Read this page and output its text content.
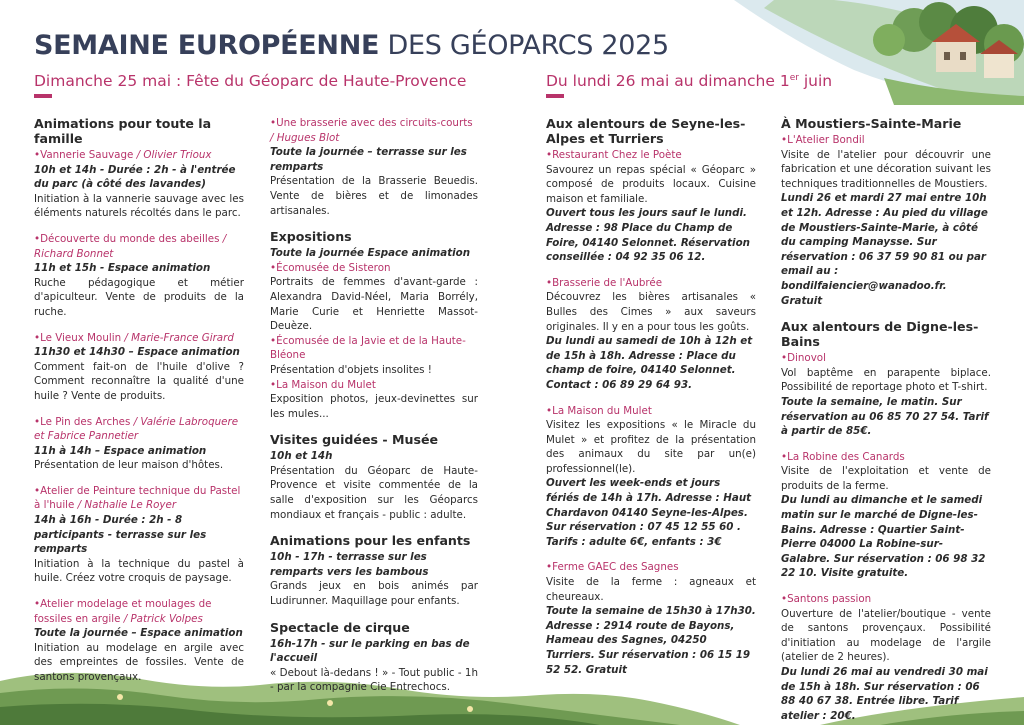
SEMAINE EUROPÉENNE DES GÉOPARCS 2025
Dimanche 25 mai : Fête du Géoparc de Haute-Provence	Du lundi 26 mai au dimanche 1er juin
Animations pour toute la famille
•Vannerie Sauvage / Olivier Trioux
10h et 14h - Durée : 2h - à l'entrée du parc (à côté des lavandes)
Initiation à la vannerie sauvage avec les éléments naturels récoltés dans le parc.
•Découverte du monde des abeilles / Richard Bonnet
11h et 15h - Espace animation
Ruche pédagogique et métier d'apiculteur. Vente de produits de la ruche.
•Le Vieux Moulin / Marie-France Girard
11h30 et 14h30 – Espace animation
Comment fait-on de l'huile d'olive ? Comment reconnaître la qualité d'une huile ? Vente de produits.
•Le Pin des Arches / Valérie Labroquere et Fabrice Pannetier
11h à 14h – Espace animation
Présentation de leur maison d'hôtes.
•Atelier de Peinture technique du Pastel à l'huile / Nathalie Le Royer
14h à 16h - Durée : 2h - 8 participants - terrasse sur les remparts
Initiation à la technique du pastel à huile. Créez votre croquis de paysage.
•Atelier modelage et moulages de fossiles en argile / Patrick Volpes
Toute la journée – Espace animation
Initiation au modelage en argile avec des empreintes de fossiles. Vente de santons provençaux.
•Une brasserie avec des circuits-courts / Hugues Blot
Toute la journée – terrasse sur les remparts
Présentation de la Brasserie Beuedis. Vente de bières et de limonades artisanales.
Expositions
Toute la journée Espace animation
•Écomusée de Sisteron
Portraits de femmes d'avant-garde : Alexandra David-Néel, Maria Borrély, Marie Curie et Henriette Massot-Deuèze.
•Écomusée de la Javie et de la Haute-Bléone
Présentation d'objets insolites !
•La Maison du Mulet
Exposition photos, jeux-devinettes sur les mules...
Visites guidées - Musée
10h et 14h
Présentation du Géoparc de Haute-Provence et visite commentée de la salle d'exposition sur les Géoparcs mondiaux et français - public : adulte.
Animations pour les enfants
10h - 17h - terrasse sur les remparts vers les bambous
Grands jeux en bois animés par Ludirunner. Maquillage pour enfants.
Spectacle de cirque
16h-17h - sur le parking en bas de l'accueil
« Debout là-dedans ! » - Tout public - 1h - par la compagnie Cie Entrechocs.
Aux alentours de Seyne-les-Alpes et Turriers
•Restaurant Chez le Poète
Savourez un repas spécial « Géoparc » composé de produits locaux. Cuisine maison et familiale.
Ouvert tous les jours sauf le lundi. Adresse : 98 Place du Champ de Foire, 04140 Selonnet. Réservation conseillée : 04 92 35 06 12.
•Brasserie de l'Aubrée
Découvrez les bières artisanales « Bulles des Cimes » aux saveurs originales. Il y en a pour tous les goûts.
Du lundi au samedi de 10h à 12h et de 15h à 18h. Adresse : Place du champ de foire, 04140 Selonnet. Contact : 06 89 29 64 93.
•La Maison du Mulet
Visitez les expositions « le Miracle du Mulet » et profitez de la présentation des animaux du site par un(e) professionnel(le).
Ouvert les week-ends et jours fériés de 14h à 17h. Adresse : Haut Chardavon 04140 Seyne-les-Alpes. Sur réservation : 07 45 12 55 60 . Tarifs : adulte 6€, enfants : 3€
•Ferme GAEC des Sagnes
Visite de la ferme : agneaux et cheureaux.
Toute la semaine de 15h30 à 17h30. Adresse : 2914 route de Bayons, Hameau des Sagnes, 04250 Turriers. Sur réservation : 06 15 19 52 52. Gratuit
À Moustiers-Sainte-Marie
•L'Atelier Bondil
Visite de l'atelier pour découvrir une fabrication et une décoration suivant les techniques traditionnelles de Moustiers.
Lundi 26 et mardi 27 mai entre 10h et 12h. Adresse : Au pied du village de Moustiers-Sainte-Marie, à côté du camping Manaysse. Sur réservation : 06 37 59 90 81 ou par email au : bondilfaiencier@wanadoo.fr. Gratuit
Aux alentours de Digne-les-Bains
•Dinovol
Vol baptême en parapente biplace. Possibilité de reportage photo et T-shirt.
Toute la semaine, le matin. Sur réservation au 06 85 70 27 54. Tarif à partir de 85€.
•La Robine des Canards
Visite de l'exploitation et vente de produits de la ferme.
Du lundi au dimanche et le samedi matin sur le marché de Digne-les-Bains. Adresse : Quartier Saint-Pierre 04000 La Robine-sur-Galabre. Sur réservation : 06 98 32 22 10. Visite gratuite.
•Santons passion
Ouverture de l'atelier/boutique - vente de santons provençaux. Possibilité d'initiation au modelage de l'argile (atelier de 2 heures).
Du lundi 26 mai au vendredi 30 mai de 15h à 18h. Sur réservation : 06 88 40 67 38. Entrée libre. Tarif atelier : 20€.
